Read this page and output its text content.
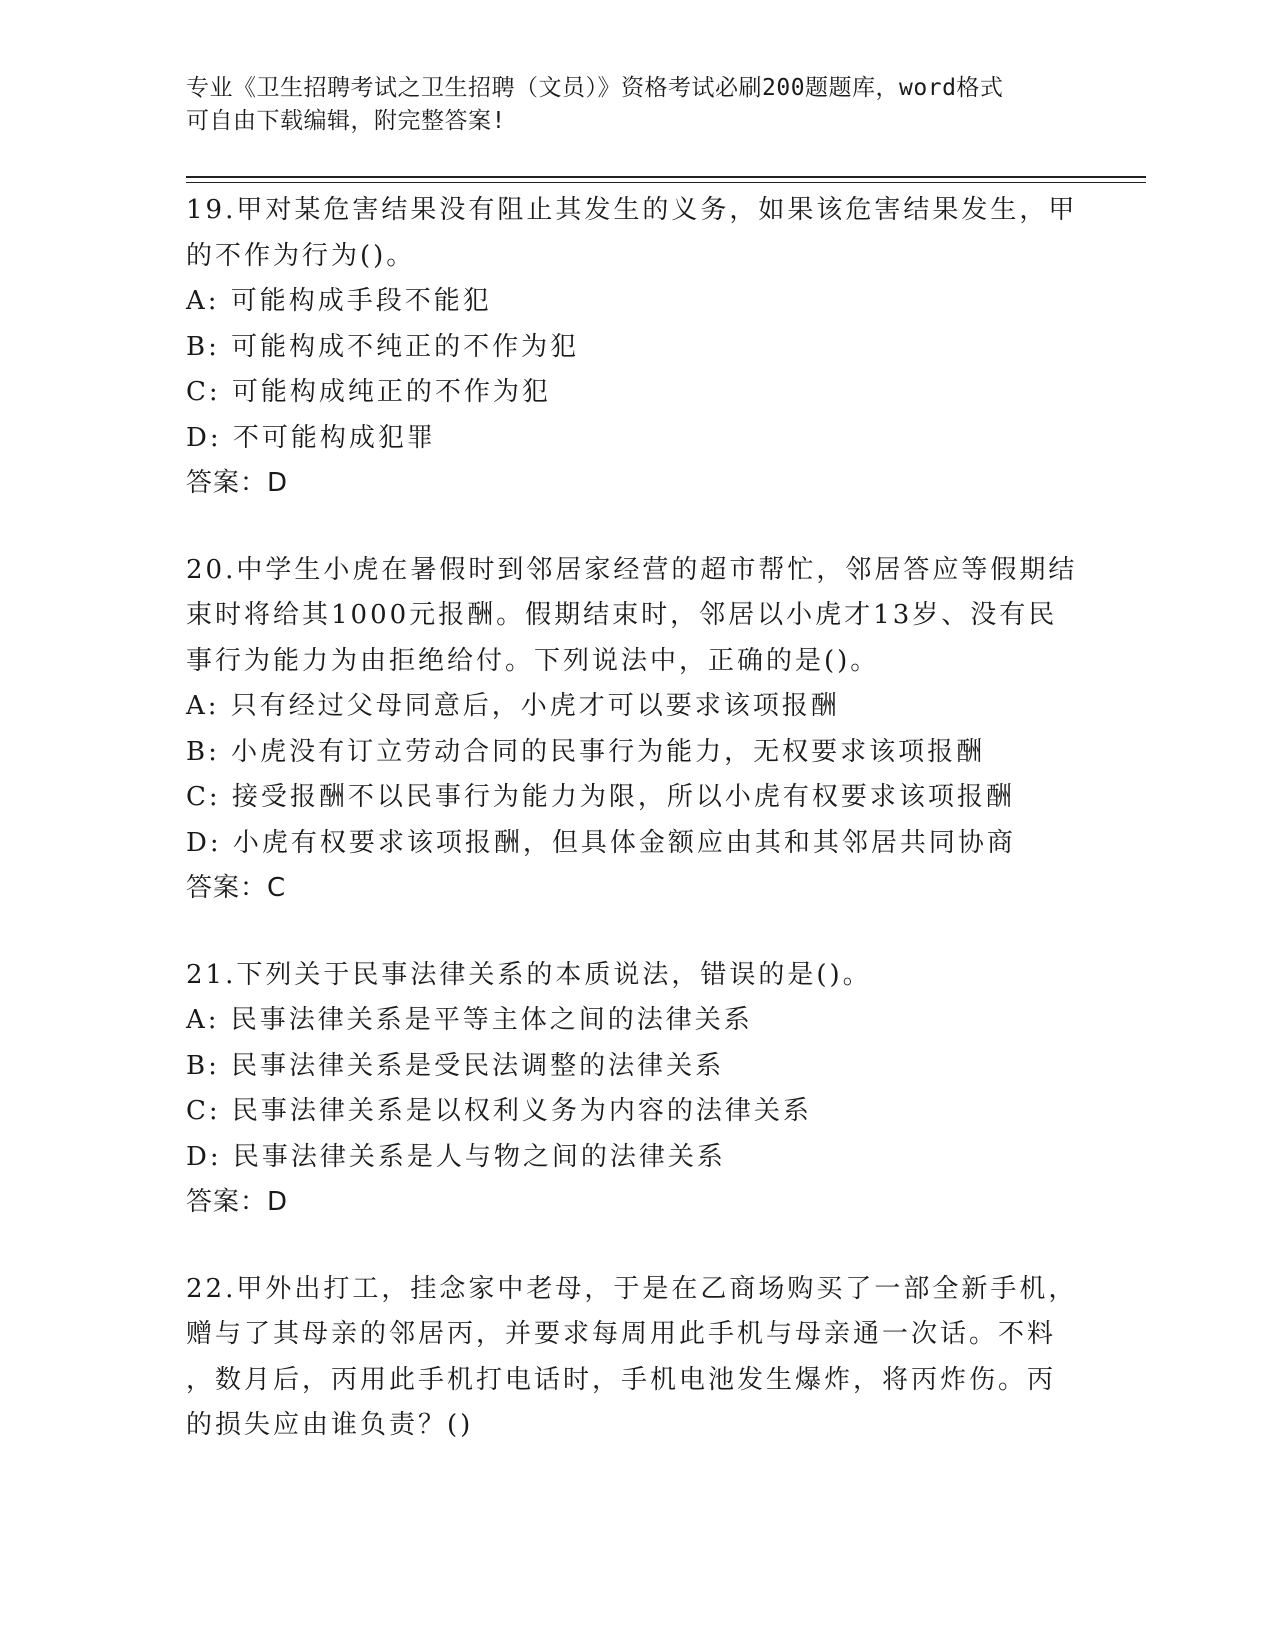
专业《卫生招聘考试之卫生招聘（文员）》资格考试必刷200题题库，word格式
可自由下载编辑，附完整答案!
19.甲对某危害结果没有阻止其发生的义务，如果该危害结果发生，甲
的不作为行为()。
A: 可能构成手段不能犯
B: 可能构成不纯正的不作为犯
C: 可能构成纯正的不作为犯
D: 不可能构成犯罪
答案：D
20.中学生小虎在暑假时到邻居家经营的超市帮忙，邻居答应等假期结
束时将给其1000元报酬。假期结束时，邻居以小虎才13岁、没有民
事行为能力为由拒绝给付。下列说法中，正确的是()。
A: 只有经过父母同意后，小虎才可以要求该项报酬
B: 小虎没有订立劳动合同的民事行为能力，无权要求该项报酬
C: 接受报酬不以民事行为能力为限，所以小虎有权要求该项报酬
D: 小虎有权要求该项报酬，但具体金额应由其和其邻居共同协商
答案：C
21.下列关于民事法律关系的本质说法，错误的是()。
A: 民事法律关系是平等主体之间的法律关系
B: 民事法律关系是受民法调整的法律关系
C: 民事法律关系是以权利义务为内容的法律关系
D: 民事法律关系是人与物之间的法律关系
答案：D
22.甲外出打工，挂念家中老母，于是在乙商场购买了一部全新手机，
赠与了其母亲的邻居丙，并要求每周用此手机与母亲通一次话。不料
，数月后，丙用此手机打电话时，手机电池发生爆炸，将丙炸伤。丙
的损失应由谁负责？()
